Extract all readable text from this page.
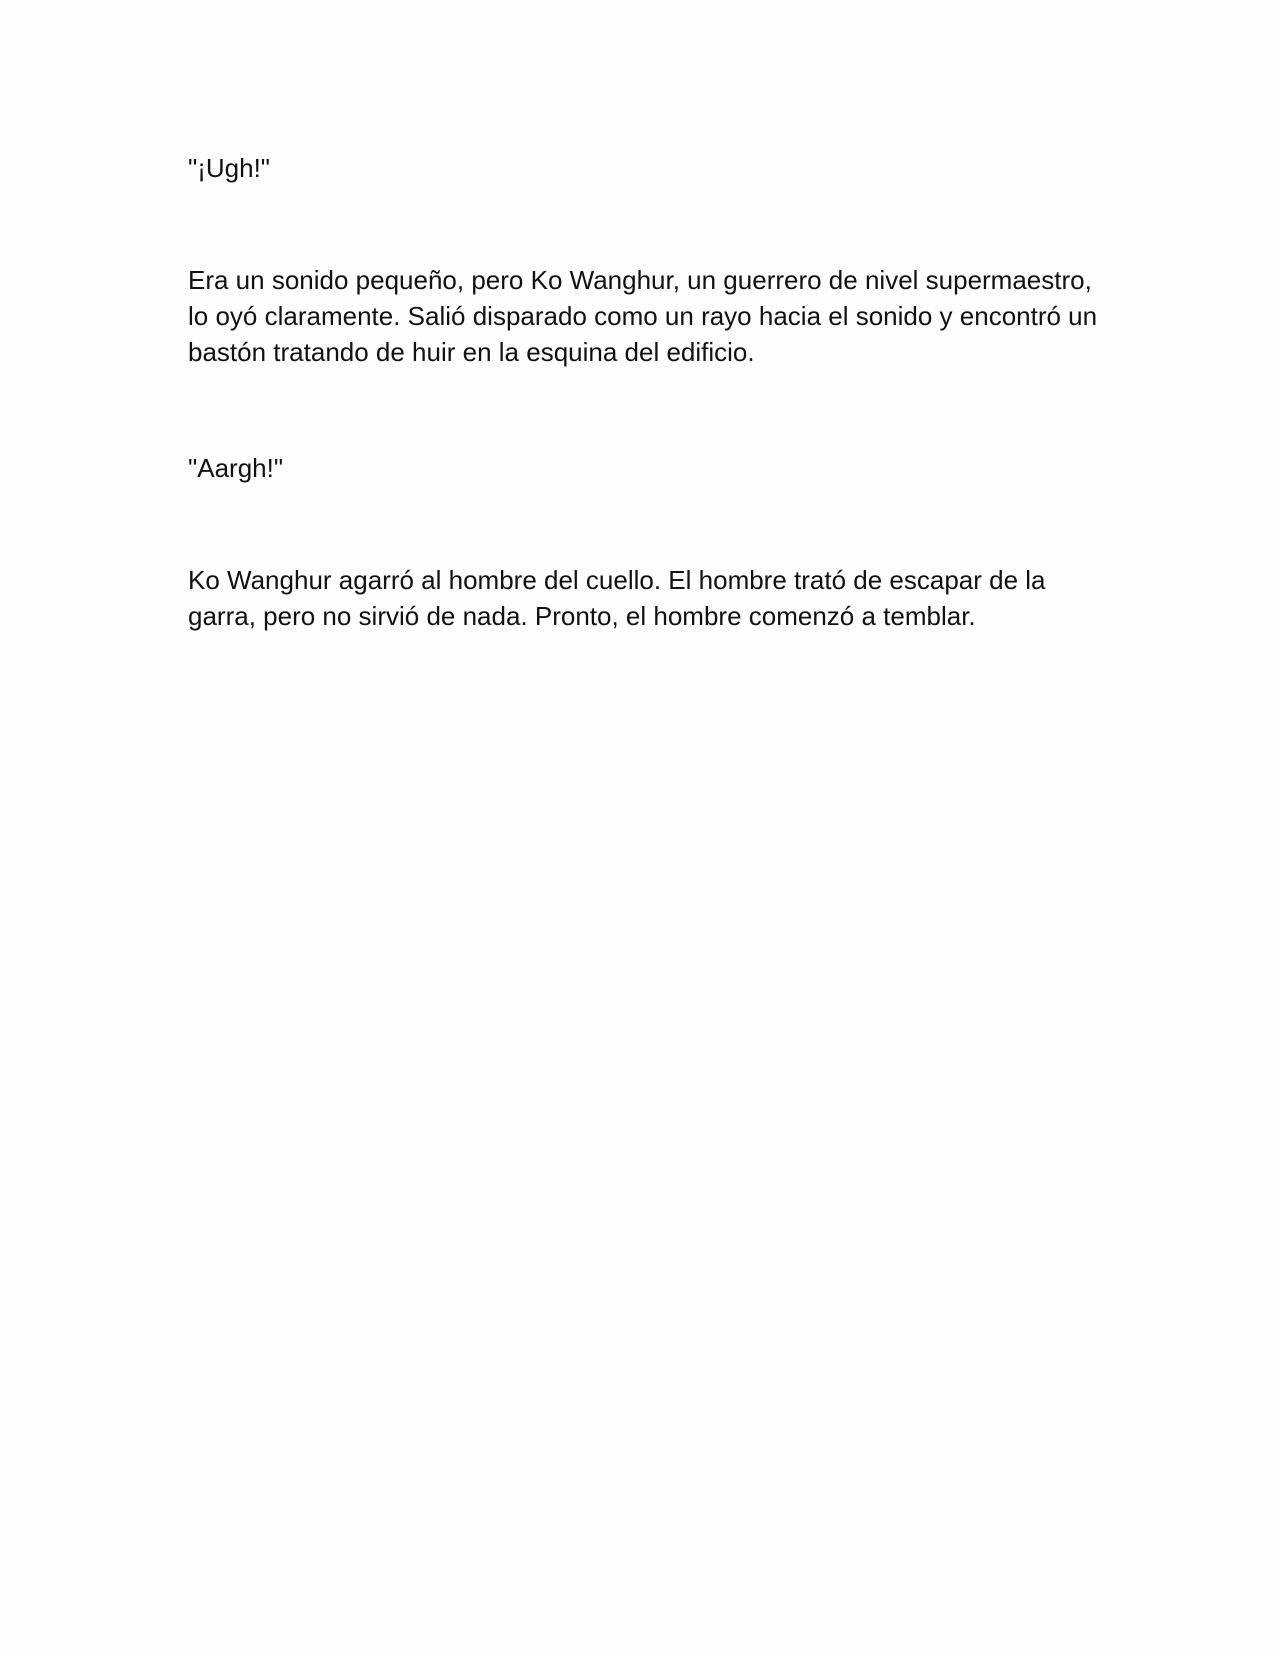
"¡Ugh!"

Era un sonido pequeño, pero Ko Wanghur, un guerrero de nivel supermaestro, lo oyó claramente. Salió disparado como un rayo hacia el sonido y encontró un bastón tratando de huir en la esquina del edificio.

"Aargh!"

Ko Wanghur agarró al hombre del cuello. El hombre trató de escapar de la garra, pero no sirvió de nada. Pronto, el hombre comenzó a temblar.
